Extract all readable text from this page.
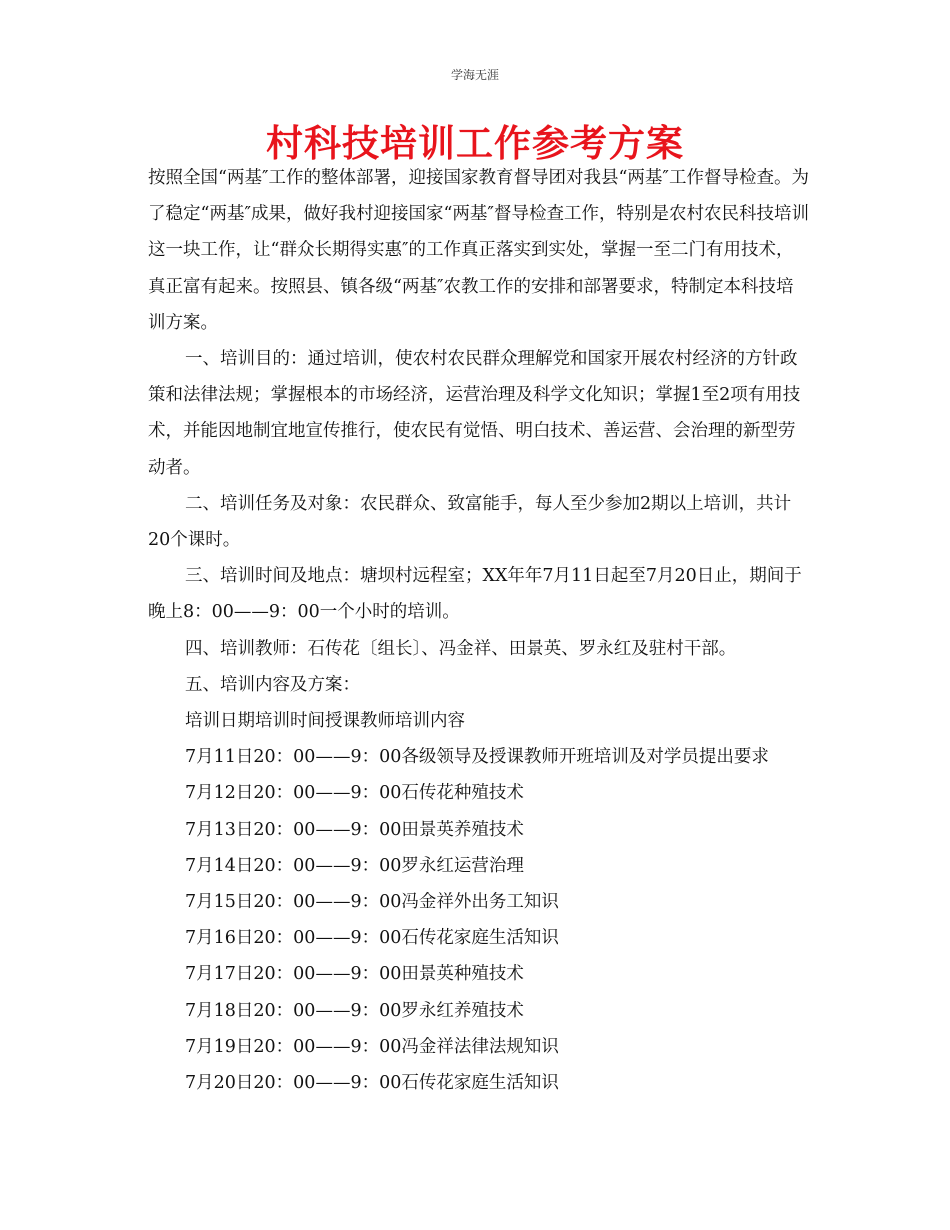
学海无涯
村科技培训工作参考方案

按照全国“两基″工作的整体部署，迎接国家教育督导团对我县“两基″工作督导检查。为了稳定“两基″成果，做好我村迎接国家“两基″督导检查工作，特别是农村农民科技培训这一块工作，让“群众长期得实惠″的工作真正落实到实处，掌握一至二门有用技术，真正富有起来。按照县、镇各级“两基″农教工作的安排和部署要求，特制定本科技培训方案。

一、培训目的：通过培训，使农村农民群众理解党和国家开展农村经济的方针政策和法律法规；掌握根本的市场经济，运营治理及科学文化知识；掌握1至2项有用技术，并能因地制宜地宣传推行，使农民有觉悟、明白技术、善运营、会治理的新型劳动者。

二、培训任务及对象：农民群众、致富能手，每人至少参加2期以上培训，共计20个课时。

三、培训时间及地点：塘坝村远程室；XX年年7月11日起至7月20日止，期间于晚上8：00——9：00一个小时的培训。

四、培训教师：石传花〔组长〕、冯金祥、田景英、罗永红及驻村干部。

五、培训内容及方案：

培训日期培训时间授课教师培训内容

7月11日20：00——9：00各级领导及授课教师开班培训及对学员提出要求

7月12日20：00——9：00石传花种殖技术

7月13日20：00——9：00田景英养殖技术

7月14日20：00——9：00罗永红运营治理

7月15日20：00——9：00冯金祥外出务工知识

7月16日20：00——9：00石传花家庭生活知识

7月17日20：00——9：00田景英种殖技术

7月18日20：00——9：00罗永红养殖技术

7月19日20：00——9：00冯金祥法律法规知识

7月20日20：00——9：00石传花家庭生活知识
